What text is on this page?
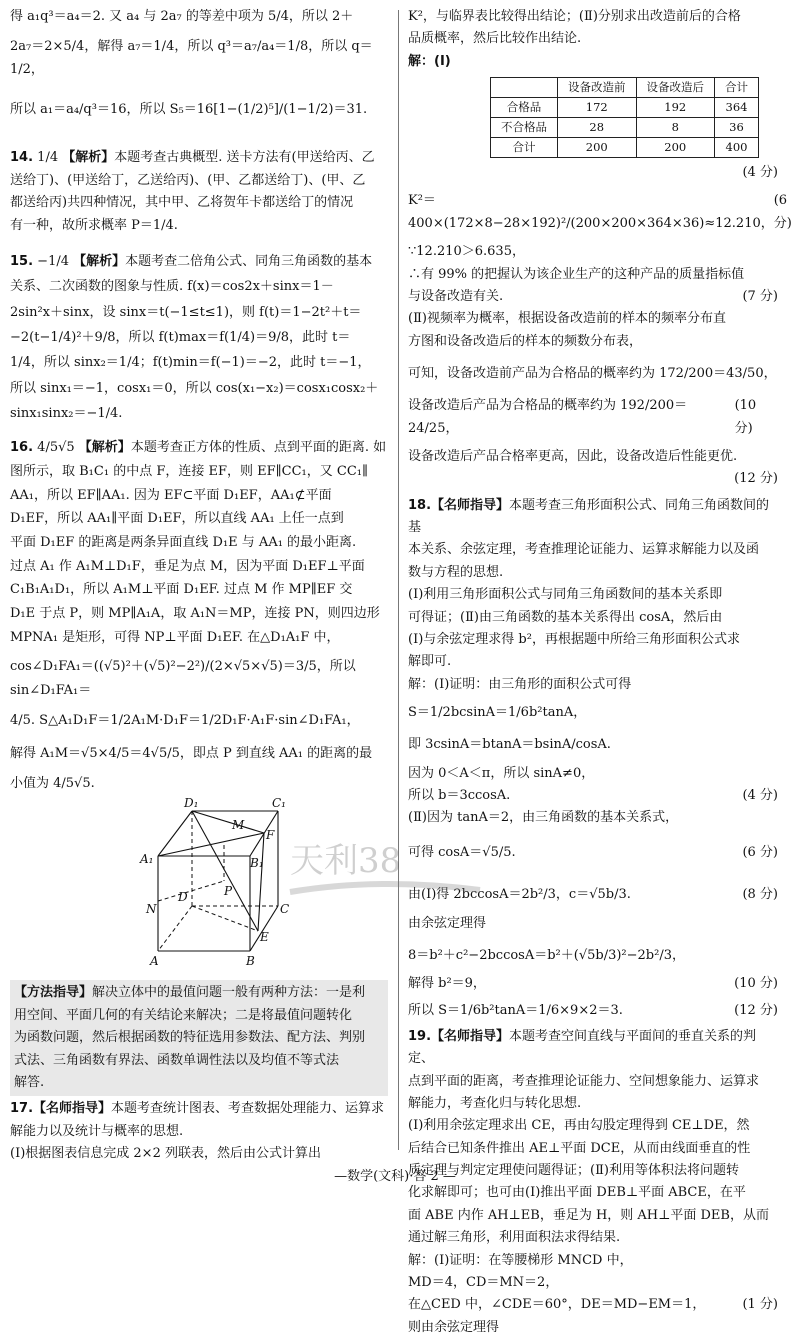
得 a₁q³＝a₄＝2. 又 a₄ 与 2a₇ 的等差中项为 5/4，所以 2＋
2a₇＝2×5/4，解得 a₇＝1/4，所以 q³＝a₇/a₄＝1/8，所以 q＝1/2，
所以 a₁＝a₄/q³＝16，所以 S₅＝16[1−(1/2)⁵]/(1−1/2)＝31.
14. 1/4 【解析】本题考查古典概型. 送卡方法有(甲送给丙、乙
送给丁)、(甲送给丁，乙送给丙)、(甲、乙都送给丁)、(甲、乙
都送给丙)共四种情况，其中甲、乙将贺年卡都送给丁的情况
有一种，故所求概率 P＝1/4.
15. −1/4 【解析】本题考查二倍角公式、同角三角函数的基本
关系、二次函数的图象与性质. f(x)＝cos2x＋sinx＝1－
2sin²x＋sinx，设 sinx＝t(−1≤t≤1)，则 f(t)＝1−2t²＋t＝
−2(t−1/4)²＋9/8，所以 f(t)max＝f(1/4)＝9/8，此时 t＝
1/4，所以 sinx₂＝1/4；f(t)min＝f(−1)＝−2，此时 t＝−1，
所以 sinx₁＝−1，cosx₁＝0，所以 cos(x₁−x₂)＝cosx₁cosx₂＋
sinx₁sinx₂＝−1/4.
16. 4/5√5 【解析】本题考查正方体的性质、点到平面的距离. 如
图所示，取 B₁C₁ 的中点 F，连接 EF，则 EF∥CC₁，又 CC₁∥
AA₁，所以 EF∥AA₁. 因为 EF⊂平面 D₁EF，AA₁⊄平面
D₁EF，所以 AA₁∥平面 D₁EF，所以直线 AA₁ 上任一点到
平面 D₁EF 的距离是两条异面直线 D₁E 与 AA₁ 的最小距离.
过点 A₁ 作 A₁M⊥D₁F，垂足为点 M，因为平面 D₁EF⊥平面
C₁B₁A₁D₁，所以 A₁M⊥平面 D₁EF. 过点 M 作 MP∥EF 交
D₁E 于点 P，则 MP∥A₁A，取 A₁N＝MP，连接 PN，则四边形
MPNA₁ 是矩形，可得 NP⊥平面 D₁EF. 在△D₁A₁F 中，
cos∠D₁FA₁＝((√5)²＋(√5)²−2²)/(2×√5×√5)＝3/5，所以 sin∠D₁FA₁＝
4/5. S△A₁D₁F＝1/2A₁M·D₁F＝1/2D₁F·A₁F·sin∠D₁FA₁，
解得 A₁M＝√5×4/5＝4√5/5，即点 P 到直线 AA₁ 的距离的最
小值为 4/5√5.
D₁	C₁
M
F
A₁	B₁
D	P
N	C
E
A	B
【方法指导】解决立体中的最值问题一般有两种方法：一是利
用空间、平面几何的有关结论来解决；二是将最值问题转化
为函数问题，然后根据函数的特征选用参数法、配方法、判别
式法、三角函数有界法、函数单调性法以及均值不等式法
解答.
17.【名师指导】本题考查统计图表、考查数据处理能力、运算求
解能力以及统计与概率的思想.
(Ⅰ)根据图表信息完成 2×2 列联表，然后由公式计算出
K²，与临界表比较得出结论；(Ⅱ)分别求出改造前后的合格
品质概率，然后比较作出结论.
解：(Ⅰ)
	设备改造前	设备改造后	合计
合格品	172	192	364
不合格品	28	8	36
合计	200	200	400
(4 分)
K²＝400×(172×8−28×192)²/(200×200×364×36)≈12.210，
(6 分)
∵12.210＞6.635，
∴有 99% 的把握认为该企业生产的这种产品的质量指标值
与设备改造有关.	(7 分)
(Ⅱ)视频率为概率，根据设备改造前的样本的频率分布直
方图和设备改造后的样本的频数分布表，
可知，设备改造前产品为合格品的概率约为 172/200＝43/50，
设备改造后产品为合格品的概率约为 192/200＝24/25，
(10 分)
设备改造后产品合格率更高，因此，设备改造后性能更优.
(12 分)
18.【名师指导】本题考查三角形面积公式、同角三角函数间的基
本关系、余弦定理，考查推理论证能力、运算求解能力以及函
数与方程的思想.
(Ⅰ)利用三角形面积公式与同角三角函数间的基本关系即
可得证；(Ⅱ)由三角函数的基本关系得出 cosA，然后由
(Ⅰ)与余弦定理求得 b²，再根据题中所给三角形面积公式求
解即可.
解：(Ⅰ)证明：由三角形的面积公式可得
S＝1/2bcsinA＝1/6b²tanA，
即 3csinA＝btanA＝bsinA/cosA.
因为 0＜A＜π，所以 sinA≠0，
所以 b＝3ccosA.	(4 分)
(Ⅱ)因为 tanA＝2，由三角函数的基本关系式，
可得 cosA＝√5/5.	(6 分)
由(Ⅰ)得 2bccosA＝2b²/3，c＝√5b/3.	(8 分)
由余弦定理得
8＝b²＋c²−2bccosA＝b²＋(√5b/3)²−2b²/3，
解得 b²＝9，	(10 分)
所以 S＝1/6b²tanA＝1/6×9×2＝3.	(12 分)
19.【名师指导】本题考查空间直线与平面间的垂直关系的判定、
点到平面的距离，考查推理论证能力、空间想象能力、运算求
解能力，考查化归与转化思想.
(Ⅰ)利用余弦定理求出 CE，再由勾股定理得到 CE⊥DE，然
后结合已知条件推出 AE⊥平面 DCE，从而由线面垂直的性
质定理与判定定理使问题得证；(Ⅱ)利用等体积法将问题转
化求解即可；也可由(Ⅰ)推出平面 DEB⊥平面 ABCE，在平
面 ABE 内作 AH⊥EB，垂足为 H，则 AH⊥平面 DEB，从而
通过解三角形，利用面积法求得结果.
解：(Ⅰ)证明：在等腰梯形 MNCD 中，
MD＝4，CD＝MN＝2，
在△CED 中，∠CDE＝60°，DE＝MD−EM＝1，	(1 分)
则由余弦定理得
天利38
—数学(文科)·答 2 —
